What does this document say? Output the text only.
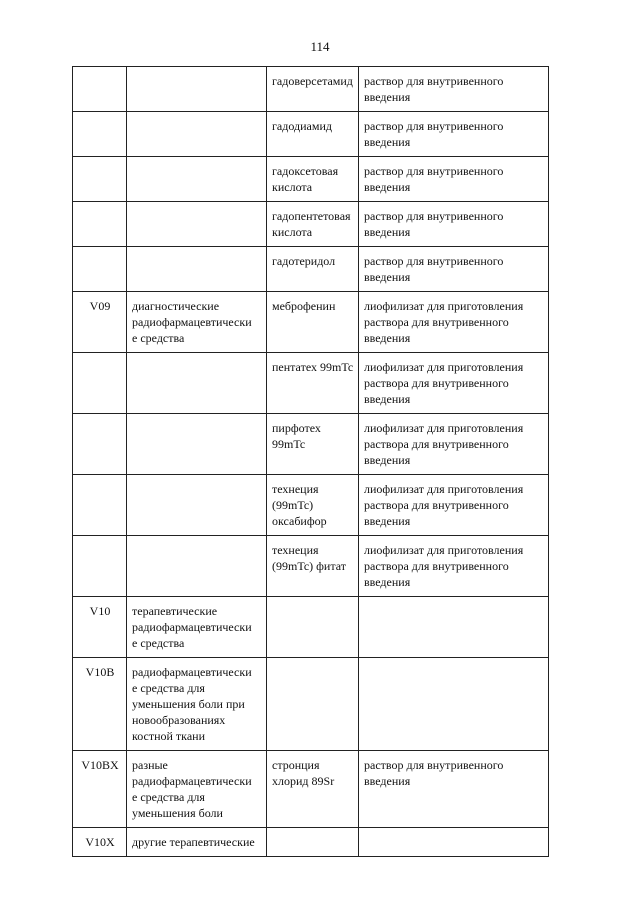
114
		гадоверсетамид	раствор для внутривенного
введения
		гадодиамид	раствор для внутривенного
введения
		гадоксетовая
кислота	раствор для внутривенного
введения
		гадопентетовая
кислота	раствор для внутривенного
введения
		гадотеридол	раствор для внутривенного
введения
V09	диагностические
радиофармацевтически
е средства	меброфенин	лиофилизат для приготовления
раствора для внутривенного
введения
		пентатех 99mTc	лиофилизат для приготовления
раствора для внутривенного
введения
		пирфотех
99mTc	лиофилизат для приготовления
раствора для внутривенного
введения
		технеция
(99mTc)
оксабифор	лиофилизат для приготовления
раствора для внутривенного
введения
		технеция
(99mTc) фитат	лиофилизат для приготовления
раствора для внутривенного
введения
V10	терапевтические
радиофармацевтически
е средства		
V10B	радиофармацевтически
е средства для
уменьшения боли при
новообразованиях
костной ткани		
V10BX	разные
радиофармацевтически
е средства для
уменьшения боли	стронция
хлорид 89Sr	раствор для внутривенного
введения
V10X	другие терапевтические		
